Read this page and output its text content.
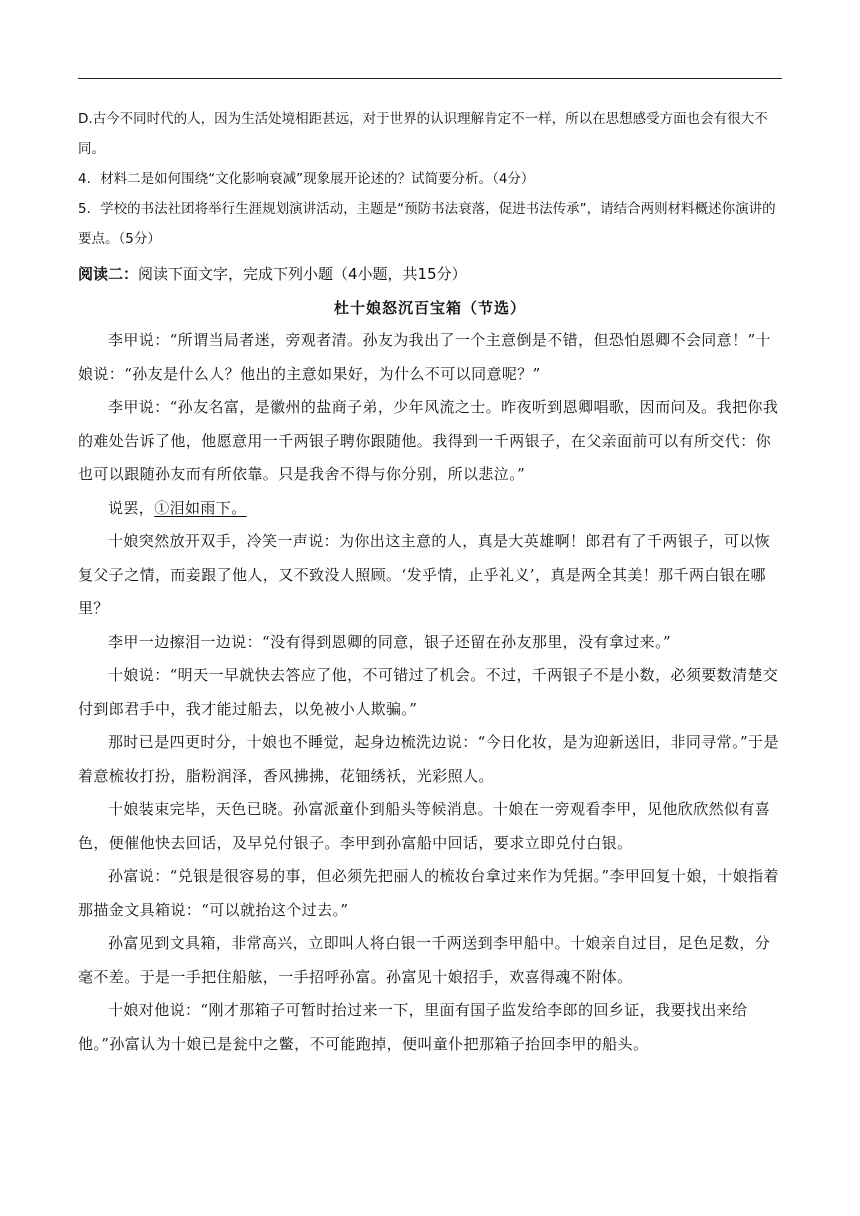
D.古今不同时代的人，因为生活处境相距甚远，对于世界的认识理解肯定不一样，所以在思想感受方面也会有很大不同。

4．材料二是如何围绕“文化影响衰减”现象展开论述的？试简要分析。（4分）

5．学校的书法社团将举行生涯规划演讲活动，主题是“预防书法衰落，促进书法传承”，请结合两则材料概述你演讲的要点。（5分）

阅读二：阅读下面文字，完成下列小题（4小题，共15分）

杜十娘怒沉百宝箱（节选）

李甲说：“所谓当局者迷，旁观者清。孙友为我出了一个主意倒是不错，但恐怕恩卿不会同意！”十娘说：“孙友是什么人？他出的主意如果好，为什么不可以同意呢？”

李甲说：“孙友名富，是徽州的盐商子弟，少年风流之士。昨夜听到恩卿唱歌，因而问及。我把你我的难处告诉了他，他愿意用一千两银子聘你跟随他。我得到一千两银子，在父亲面前可以有所交代：你也可以跟随孙友而有所依靠。只是我舍不得与你分别，所以悲泣。”

说罢，①泪如雨下。

十娘突然放开双手，冷笑一声说：为你出这主意的人，真是大英雄啊！郎君有了千两银子，可以恢复父子之情，而妾跟了他人，又不致没人照顾。‘发乎情，止乎礼义’，真是两全其美！那千两白银在哪里？

李甲一边擦泪一边说：“没有得到恩卿的同意，银子还留在孙友那里，没有拿过来。”

十娘说：“明天一早就快去答应了他，不可错过了机会。不过，千两银子不是小数，必须要数清楚交付到郎君手中，我才能过船去，以免被小人欺骗。”

那时已是四更时分，十娘也不睡觉，起身边梳洗边说：“今日化妆，是为迎新送旧，非同寻常。”于是着意梳妆打扮，脂粉润泽，香风拂拂，花钿绣袄，光彩照人。

十娘装束完毕，天色已晓。孙富派童仆到船头等候消息。十娘在一旁观看李甲，见他欣欣然似有喜色，便催他快去回话，及早兑付银子。李甲到孙富船中回话，要求立即兑付白银。

孙富说：“兑银是很容易的事，但必须先把丽人的梳妆台拿过来作为凭据。”李甲回复十娘，十娘指着那描金文具箱说：“可以就抬这个过去。”

孙富见到文具箱，非常高兴，立即叫人将白银一千两送到李甲船中。十娘亲自过目，足色足数，分毫不差。于是一手把住船舷，一手招呼孙富。孙富见十娘招手，欢喜得魂不附体。

十娘对他说：“刚才那箱子可暂时抬过来一下，里面有国子监发给李郎的回乡证，我要找出来给他。”孙富认为十娘已是瓮中之鳖，不可能跑掉，便叫童仆把那箱子抬回李甲的船头。
